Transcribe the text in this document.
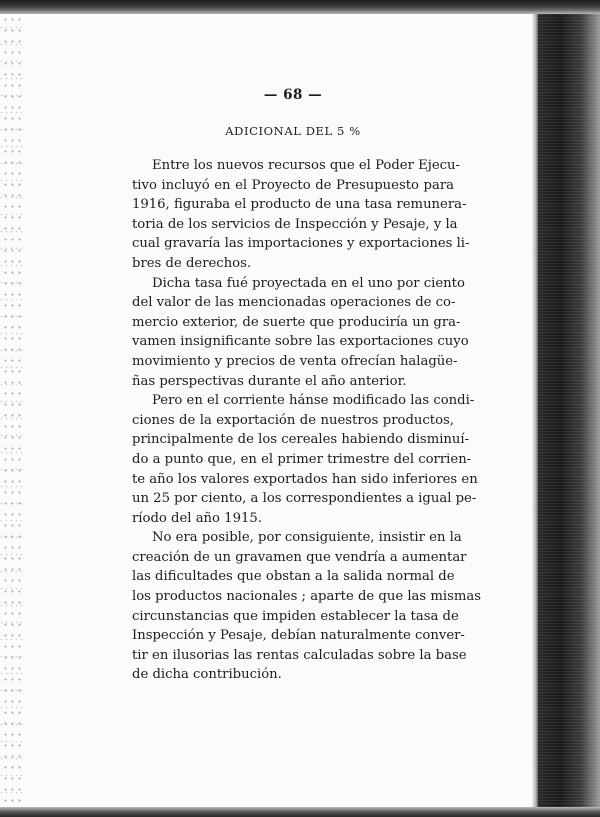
— 68 —
ADICIONAL DEL 5 %
Entre los nuevos recursos que el Poder Ejecu-
tivo incluyó en el Proyecto de Presupuesto para
1916, figuraba el producto de una tasa remunera-
toria de los servicios de Inspección y Pesaje, y la
cual gravaría las importaciones y exportaciones li-
bres de derechos.
Dicha tasa fué proyectada en el uno por ciento
del valor de las mencionadas operaciones de co-
mercio exterior, de suerte que produciría un gra-
vamen insignificante sobre las exportaciones cuyo
movimiento y precios de venta ofrecían halagüe-
ñas perspectivas durante el año anterior.
Pero en el corriente hánse modificado las condi-
ciones de la exportación de nuestros productos,
principalmente de los cereales habiendo disminuí-
do a punto que, en el primer trimestre del corrien-
te año los valores exportados han sido inferiores en
un 25 por ciento, a los correspondientes a igual pe-
ríodo del año 1915.
No era posible, por consiguiente, insistir en la
creación de un gravamen que vendría a aumentar
las dificultades que obstan a la salida normal de
los productos nacionales ; aparte de que las mismas
circunstancias que impiden establecer la tasa de
Inspección y Pesaje, debían naturalmente conver-
tir en ilusorias las rentas calculadas sobre la base
de dicha contribución.
